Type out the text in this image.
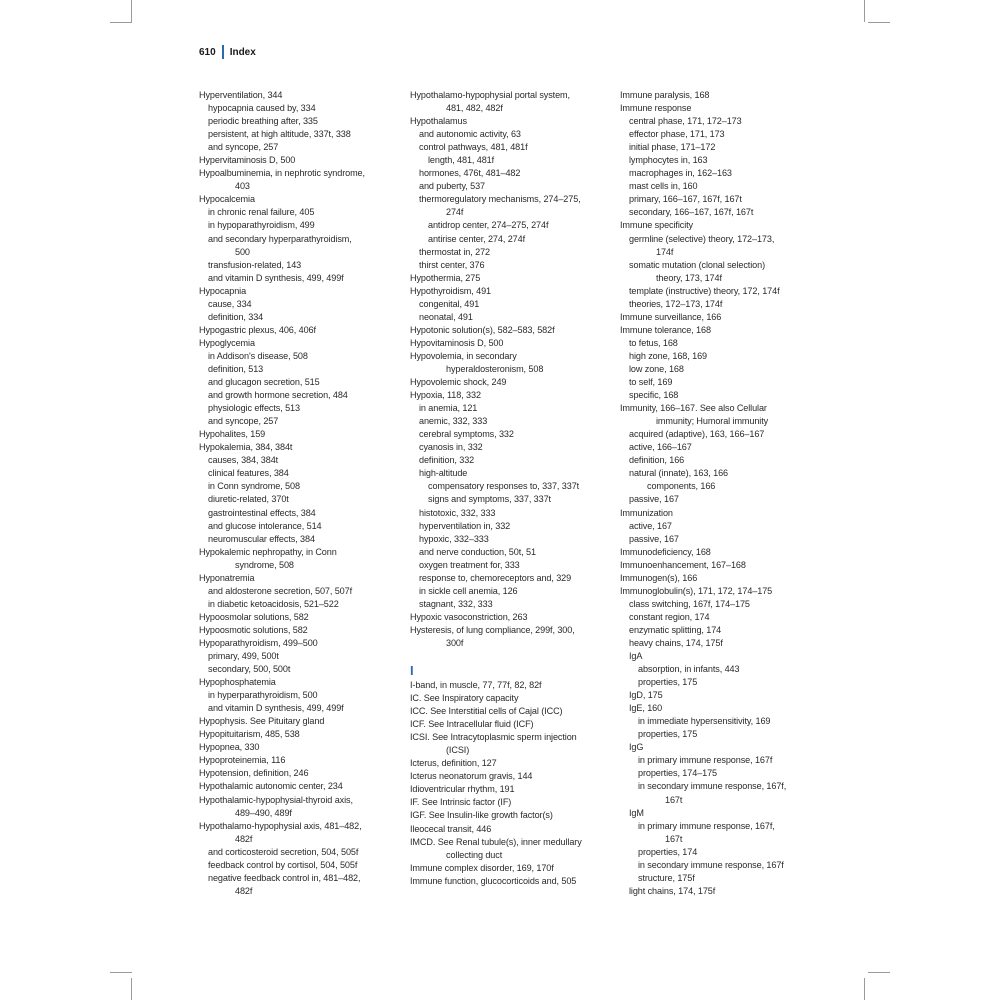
610 Index
Hyperventilation, 344
hypocapnia caused by, 334
periodic breathing after, 335
persistent, at high altitude, 337t, 338
and syncope, 257
Hypervitaminosis D, 500
Hypoalbuminemia, in nephrotic syndrome,
403
Hypocalcemia
in chronic renal failure, 405
in hypoparathyroidism, 499
and secondary hyperparathyroidism,
500
transfusion-related, 143
and vitamin D synthesis, 499, 499f
Hypocapnia
cause, 334
definition, 334
Hypogastric plexus, 406, 406f
Hypoglycemia
in Addison's disease, 508
definition, 513
and glucagon secretion, 515
and growth hormone secretion, 484
physiologic effects, 513
and syncope, 257
Hypohalites, 159
Hypokalemia, 384, 384t
causes, 384, 384t
clinical features, 384
in Conn syndrome, 508
diuretic-related, 370t
gastrointestinal effects, 384
and glucose intolerance, 514
neuromuscular effects, 384
Hypokalemic nephropathy, in Conn
syndrome, 508
Hyponatremia
and aldosterone secretion, 507, 507f
in diabetic ketoacidosis, 521–522
Hypoosmolar solutions, 582
Hypoosmotic solutions, 582
Hypoparathyroidism, 499–500
primary, 499, 500t
secondary, 500, 500t
Hypophosphatemia
in hyperparathyroidism, 500
and vitamin D synthesis, 499, 499f
Hypophysis. See Pituitary gland
Hypopituitarism, 485, 538
Hypopnea, 330
Hypoproteinemia, 116
Hypotension, definition, 246
Hypothalamic autonomic center, 234
Hypothalamic-hypophysial-thyroid axis,
489–490, 489f
Hypothalamo-hypophysial axis, 481–482,
482f
and corticosteroid secretion, 504, 505f
feedback control by cortisol, 504, 505f
negative feedback control in, 481–482,
482f
Hypothalamo-hypophysial portal system,
481, 482, 482f
Hypothalamus
and autonomic activity, 63
control pathways, 481, 481f
length, 481, 481f
hormones, 476t, 481–482
and puberty, 537
thermoregulatory mechanisms, 274–275,
274f
antidrop center, 274–275, 274f
antirise center, 274, 274f
thermostat in, 272
thirst center, 376
Hypothermia, 275
Hypothyroidism, 491
congenital, 491
neonatal, 491
Hypotonic solution(s), 582–583, 582f
Hypovitaminosis D, 500
Hypovolemia, in secondary
hyperaldosteronism, 508
Hypovolemic shock, 249
Hypoxia, 118, 332
in anemia, 121
anemic, 332, 333
cerebral symptoms, 332
cyanosis in, 332
definition, 332
high-altitude
compensatory responses to, 337, 337t
signs and symptoms, 337, 337t
histotoxic, 332, 333
hyperventilation in, 332
hypoxic, 332–333
and nerve conduction, 50t, 51
oxygen treatment for, 333
response to, chemoreceptors and, 329
in sickle cell anemia, 126
stagnant, 332, 333
Hypoxic vasoconstriction, 263
Hysteresis, of lung compliance, 299f, 300,
300f
I
I-band, in muscle, 77, 77f, 82, 82f
IC. See Inspiratory capacity
ICC. See Interstitial cells of Cajal (ICC)
ICF. See Intracellular fluid (ICF)
ICSI. See Intracytoplasmic sperm injection
(ICSI)
Icterus, definition, 127
Icterus neonatorum gravis, 144
Idioventricular rhythm, 191
IF. See Intrinsic factor (IF)
IGF. See Insulin-like growth factor(s)
Ileocecal transit, 446
IMCD. See Renal tubule(s), inner medullary
collecting duct
Immune complex disorder, 169, 170f
Immune function, glucocorticoids and, 505
Immune paralysis, 168
Immune response
central phase, 171, 172–173
effector phase, 171, 173
initial phase, 171–172
lymphocytes in, 163
macrophages in, 162–163
mast cells in, 160
primary, 166–167, 167f, 167t
secondary, 166–167, 167f, 167t
Immune specificity
germline (selective) theory, 172–173,
174f
somatic mutation (clonal selection)
theory, 173, 174f
template (instructive) theory, 172, 174f
theories, 172–173, 174f
Immune surveillance, 166
Immune tolerance, 168
to fetus, 168
high zone, 168, 169
low zone, 168
to self, 169
specific, 168
Immunity, 166–167. See also Cellular
immunity; Humoral immunity
acquired (adaptive), 163, 166–167
active, 166–167
definition, 166
natural (innate), 163, 166
components, 166
passive, 167
Immunization
active, 167
passive, 167
Immunodeficiency, 168
Immunoenhancement, 167–168
Immunogen(s), 166
Immunoglobulin(s), 171, 172, 174–175
class switching, 167f, 174–175
constant region, 174
enzymatic splitting, 174
heavy chains, 174, 175f
IgA
absorption, in infants, 443
properties, 175
IgD, 175
IgE, 160
in immediate hypersensitivity, 169
properties, 175
IgG
in primary immune response, 167f
properties, 174–175
in secondary immune response, 167f,
167t
IgM
in primary immune response, 167f,
167t
properties, 174
in secondary immune response, 167f
structure, 175f
light chains, 174, 175f
